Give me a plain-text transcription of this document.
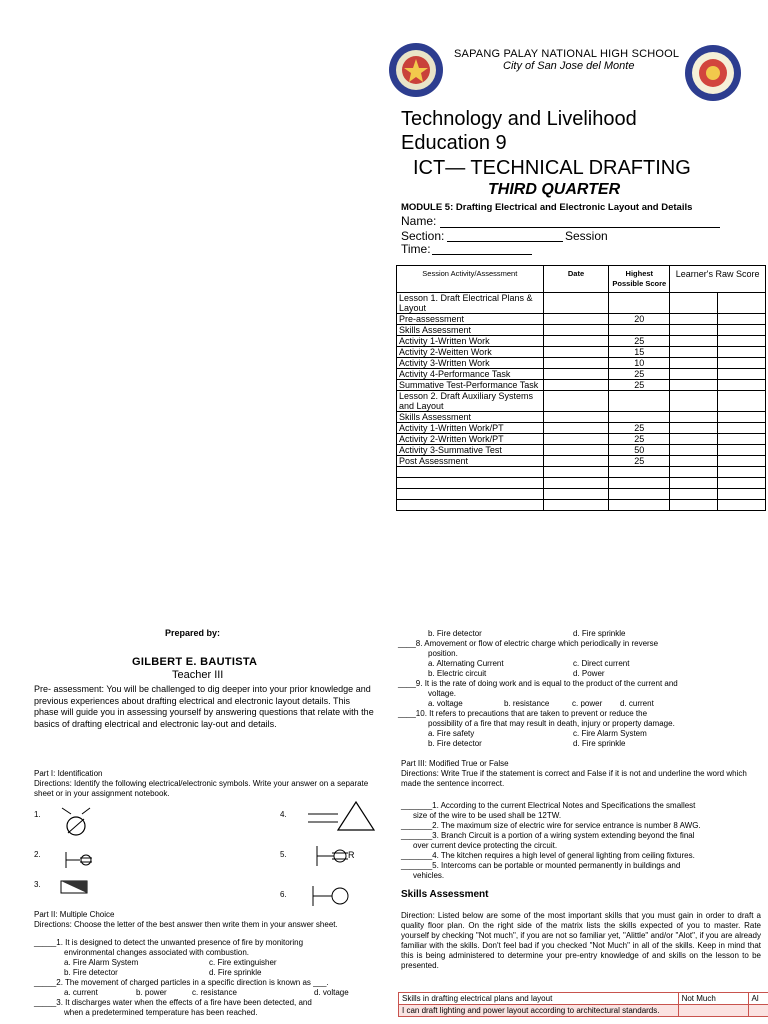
SAPANG PALAY NATIONAL HIGH SCHOOL
City of San Jose del Monte
Technology and Livelihood
Education 9
ICT— TECHNICAL DRAFTING
THIRD QUARTER
MODULE 5: Drafting Electrical and Electronic Layout and Details
Name:
Section:	Session
Time:
Session Activity/Assessment	Date	Highest Possible Score	Learner's Raw Score	
Lesson 1. Draft Electrical Plans & Layout				
Pre-assessment		20		
Skills Assessment				
Activity 1-Written Work		25		
Activity 2-Weitten Work		15		
Activity 3-Written Work		10		
Activity 4-Performance Task		25		
Summative Test-Performance Task		25		
Lesson 2. Draft Auxiliary Systems and Layout				
Skills Assessment				
Activity 1-Written Work/PT		25		
Activity 2-Written Work/PT		25		
Activity 3-Summative Test		50		
Post Assessment		25		

Prepared by:
GILBERT E. BAUTISTA
Teacher III
Pre- assessment: You will be challenged to dig deeper into your prior knowledge and previous experiences about drafting electrical and electronic layout details. This phase will guide you in assessing yourself by answering questions that relate with the basics of drafting electrical and electronic lay-out and details.

Part I: Identification

Directions: Identify the following electrical/electronic symbols. Write your answer on a separate sheet or in your assignment notebook.

1.
2.
3.
4.
5.	R
6.

Part II: Multiple Choice

Directions: Choose the letter of the best answer then write them in your answer sheet.

_____1. It is designed to detect the unwanted presence of fire by monitoring

environmental changes associated with combustion.

a. Fire Alarm System	c. Fire extinguisher
b. Fire detector	d. Fire sprinkle

_____2. The movement of charged particles in a specific direction is known as ___.

a. current	b. power	c. resistance	d. voltage

_____3. It discharges water when the effects of a fire have been detected, and

when a predetermined temperature has been reached.

b. Fire detector	d. Fire sprinkle

____8. Amovement or flow of electric charge which periodically in reverse

position.

a. Alternating Current	c. Direct current
b. Electric circuit	d. Power

____9. It is the rate of doing work and is equal to the product of the current and

voltage.

a. voltage	b. resistance	c. power	d. current

____10. It refers to precautions that are taken to prevent or reduce the

possibility of a fire that may result in death, injury or property damage.

a. Fire safety	c. Fire Alarm System
b. Fire detector	d. Fire sprinkle

Part III: Modified True or False

Directions: Write True if the statement is correct and False if it is not and underline the word which made the sentence incorrect.

_______1. According to the current Electrical Notes and Specifications the smallest

size of the wire to be used shall be 12TW.

_______2. The maximum size of electric wire for service entrance is number 8 AWG.

_______3. Branch Circuit is a portion of a wiring system extending beyond the final

over current device protecting the circuit.

_______4. The kitchen requires a high level of general lighting from ceiling fixtures.

_______5. Intercoms can be portable or mounted permanently in buildings and

vehicles.

Skills Assessment
Direction: Listed below are some of the most important skills that you must gain in order to draft a quality floor plan. On the right side of the matrix lists the skills expected of you to master. Rate yourself by checking "Not much", if you are not so familiar yet, "Alittle" and/or "Alot", if you are already familiar with the skills. Don't feel bad if you checked "Not Much" in all of the skills. Keep in mind that this is being administered to determine your pre-entry knowledge of and skills on the lesson to be presented.
Skills in drafting electrical plans and layout	Not Much	Al
I can draft lighting and power layout according to architectural standards.		
